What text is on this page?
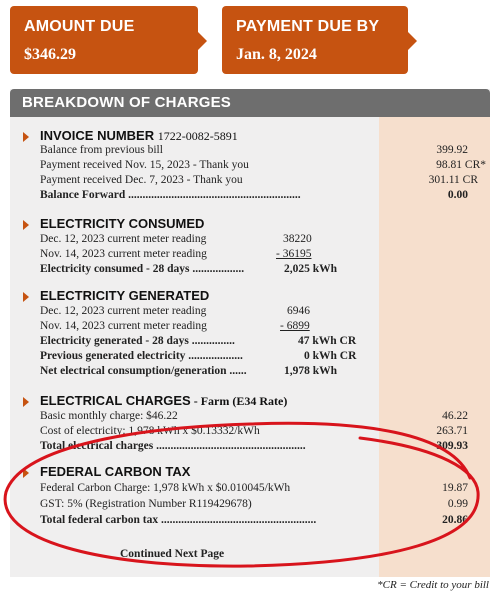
AMOUNT DUE
$346.29
PAYMENT DUE BY
Jan. 8, 2024
BREAKDOWN OF CHARGES
INVOICE NUMBER 1722-0082-5891
Balance from previous bill	399.92
Payment received Nov. 15, 2023 - Thank you	98.81 CR*
Payment received Dec. 7, 2023 - Thank you	301.11 CR
Balance Forward ............................................................	0.00
ELECTRICITY CONSUMED
Dec. 12, 2023 current meter reading	38220
Nov. 14, 2023 current meter reading	- 36195
Electricity consumed - 28 days ..................	2,025 kWh
ELECTRICITY GENERATED
Dec. 12, 2023 current meter reading	6946
Nov. 14, 2023 current meter reading	- 6899
Electricity generated - 28 days ...............	47 kWh CR
Previous generated electricity ...................	0 kWh CR
Net electrical consumption/generation ......	1,978 kWh
ELECTRICAL CHARGES - Farm (E34 Rate)
Basic monthly charge: $46.22	46.22
Cost of electricity: 1,978 kWh x $0.13332/kWh	263.71
Total electrical charges ....................................................	309.93
FEDERAL CARBON TAX
Federal Carbon Charge: 1,978 kWh x $0.010045/kWh	19.87
GST: 5% (Registration Number R119429678)	0.99
Total federal carbon tax ......................................................	20.86
Continued Next Page
*CR = Credit to your bill
